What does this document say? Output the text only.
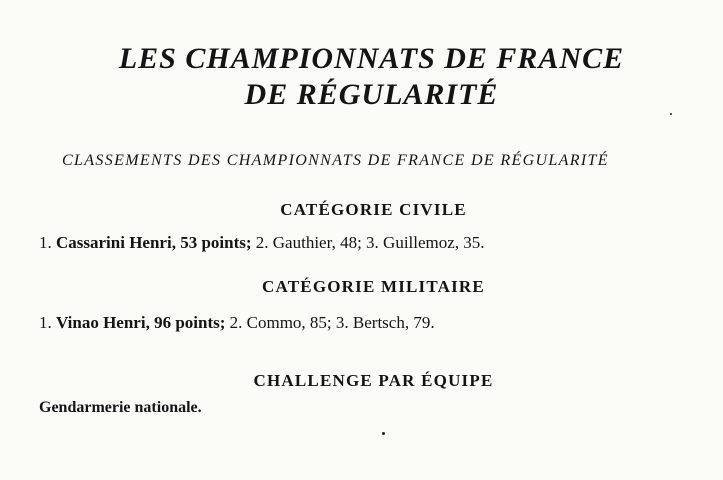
LES CHAMPIONNATS DE FRANCE
DE RÉGULARITÉ

CLASSEMENTS DES CHAMPIONNATS DE FRANCE DE RÉGULARITÉ

CATÉGORIE CIVILE

1. Cassarini Henri, 53 points; 2. Gauthier, 48; 3. Guillemoz, 35.

CATÉGORIE MILITAIRE

1. Vinao Henri, 96 points; 2. Commo, 85; 3. Bertsch, 79.

CHALLENGE PAR ÉQUIPE

Gendarmerie nationale.
